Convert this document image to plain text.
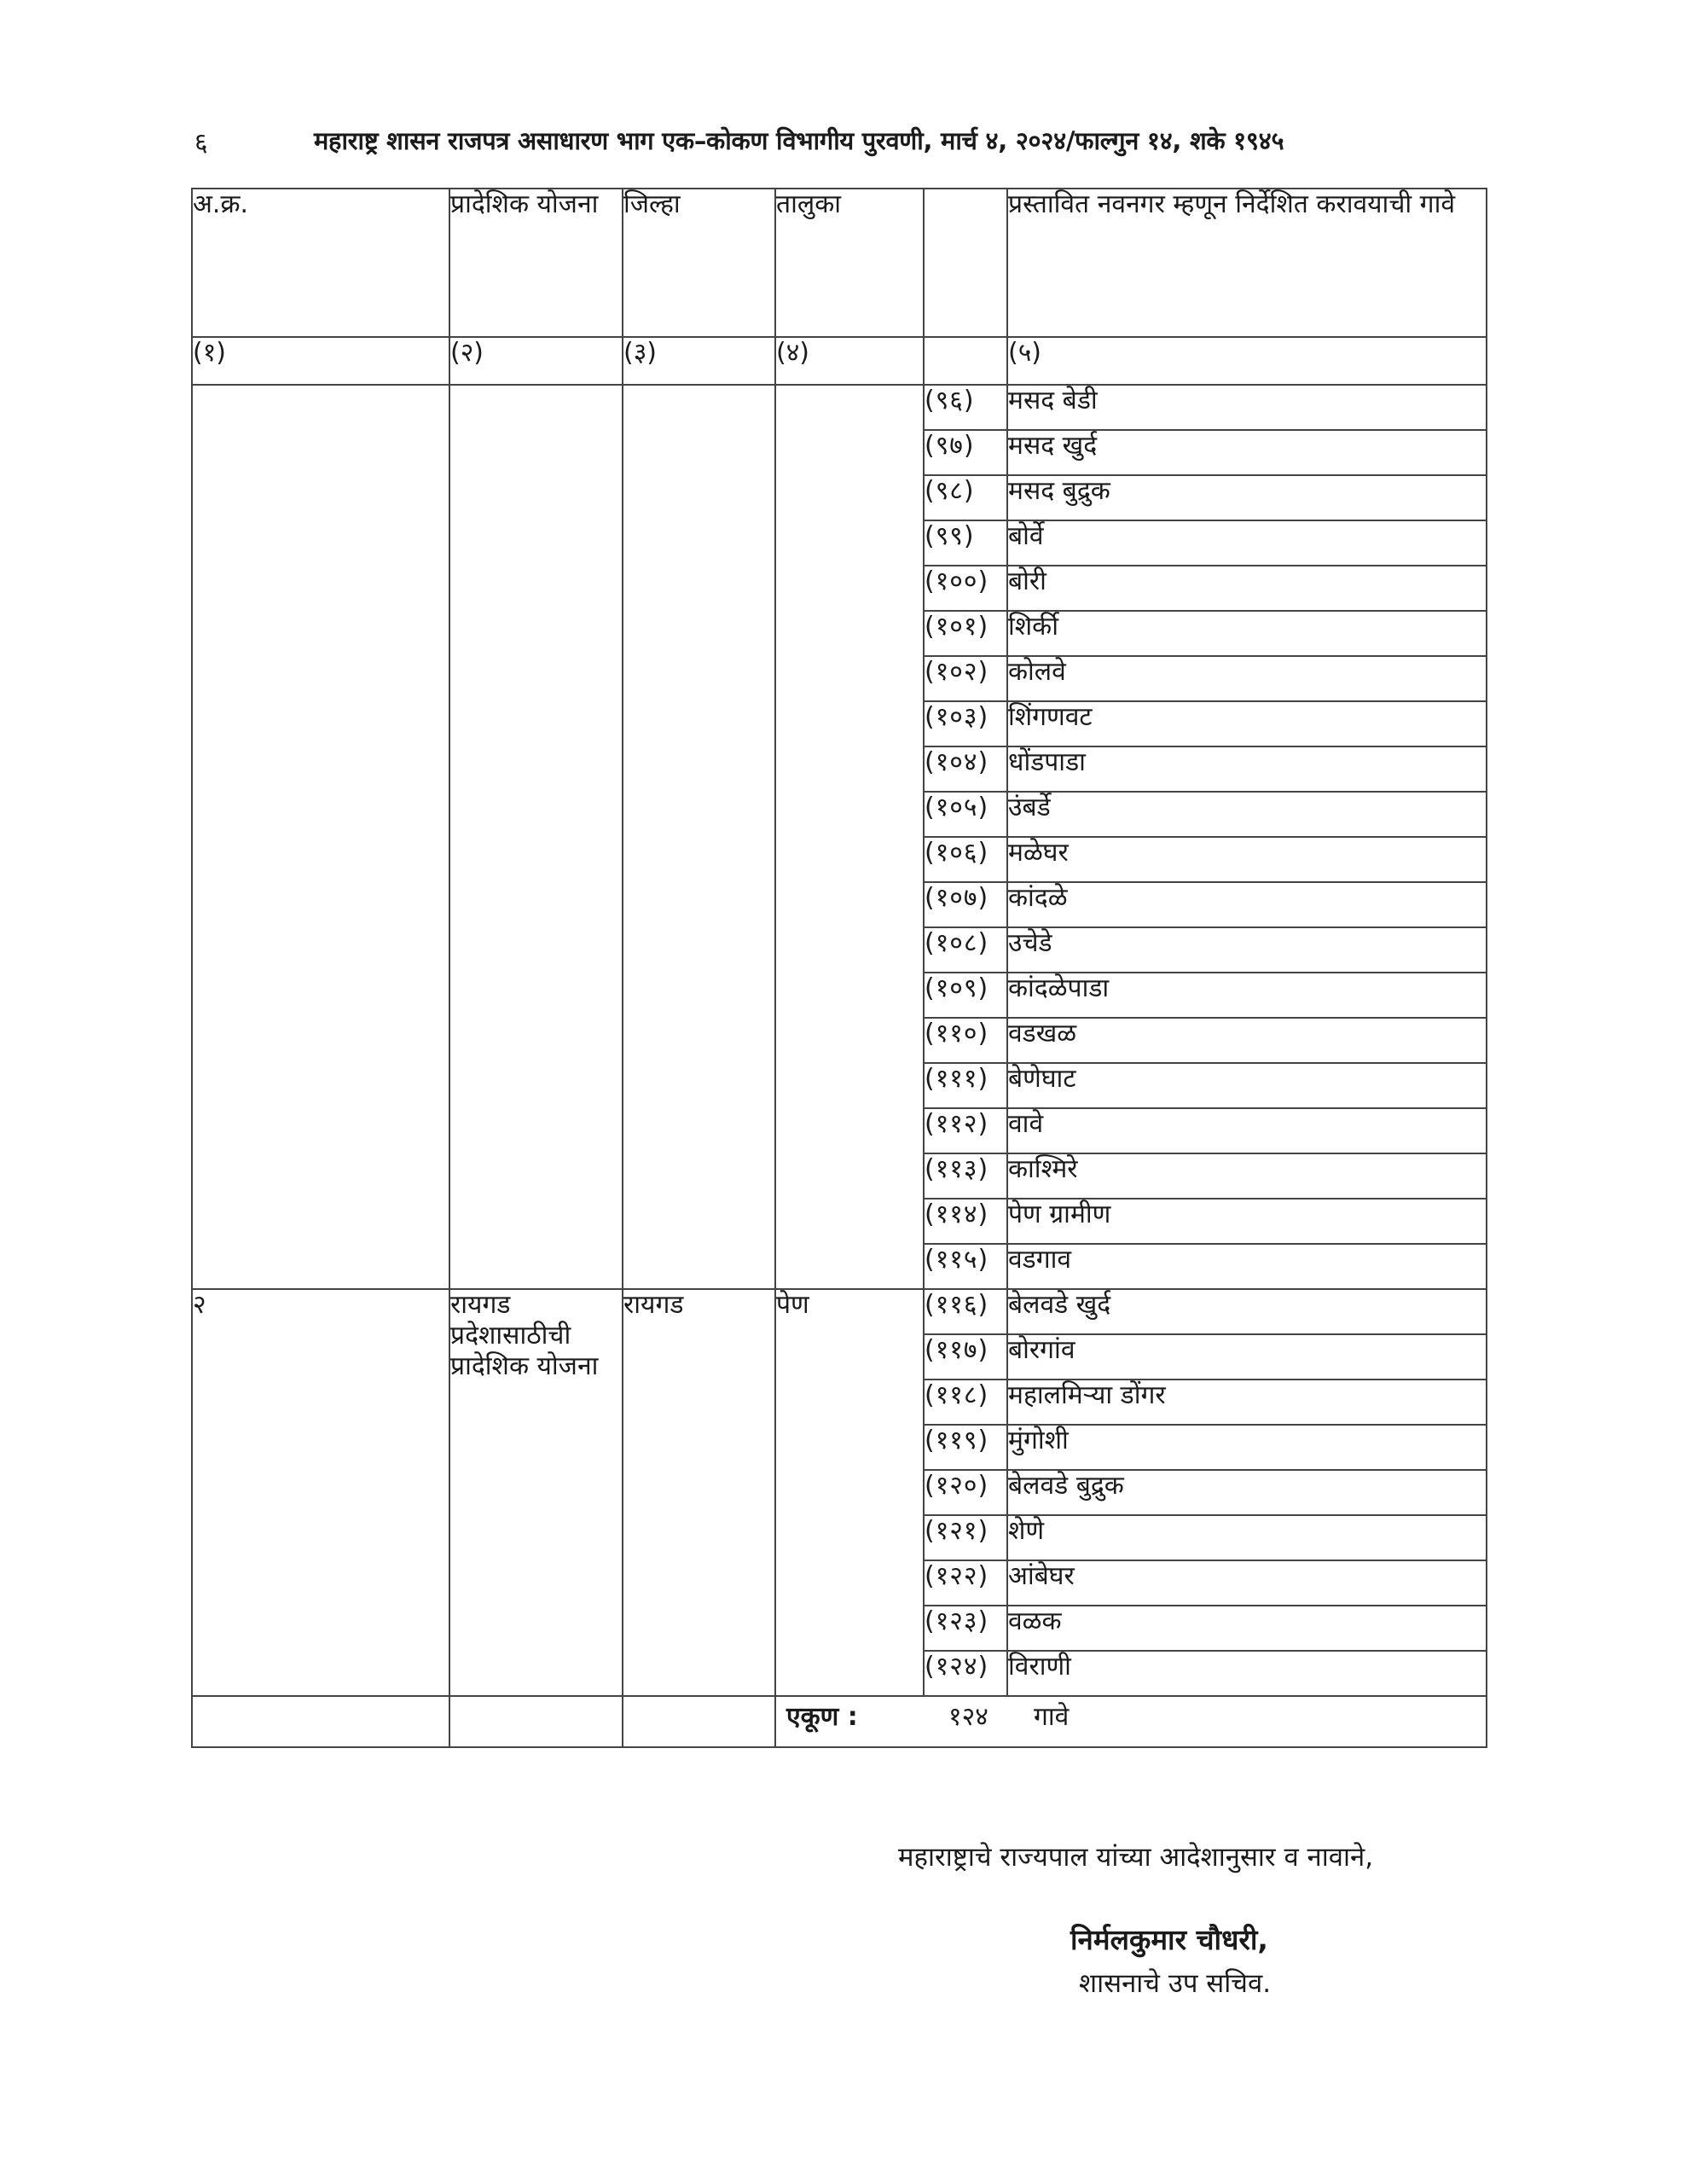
६	महाराष्ट्र शासन राजपत्र असाधारण भाग एक–कोकण विभागीय पुरवणी, मार्च ४, २०२४/फाल्गुन १४, शके १९४५
अ.क्र.	प्रादेशिक योजना	जिल्हा	तालुका		प्रस्तावित नवनगर म्हणून निर्देशित करावयाची गावे
(१)	(२)	(३)	(४)		(५)
				(९६)	मसद बेडी
				(९७)	मसद खुर्द
				(९८)	मसद बुद्रुक
				(९९)	बोर्वे
				(१००)	बोरी
				(१०१)	शिर्की
				(१०२)	कोलवे
				(१०३)	शिंगणवट
				(१०४)	धोंडपाडा
				(१०५)	उंबर्डे
				(१०६)	मळेघर
				(१०७)	कांदळे
				(१०८)	उचेडे
				(१०९)	कांदळेपाडा
				(११०)	वडखळ
				(१११)	बेणेघाट
				(११२)	वावे
				(११३)	काश्मिरे
				(११४)	पेण ग्रामीण
				(११५)	वडगाव
२	रायगड प्रदेशासाठीची प्रादेशिक योजना	रायगड	पेण	(११६)	बेलवडे खुर्द
				(११७)	बोरगांव
				(११८)	महालमिऱ्या डोंगर
				(११९)	मुंगोशी
				(१२०)	बेलवडे बुद्रुक
				(१२१)	शेणे
				(१२२)	आंबेघर
				(१२३)	वळक
				(१२४)	विराणी
			एकूण : १२४ गावे		
महाराष्ट्राचे राज्यपाल यांच्या आदेशानुसार व नावाने,
निर्मलकुमार चौधरी,
शासनाचे उप सचिव.
